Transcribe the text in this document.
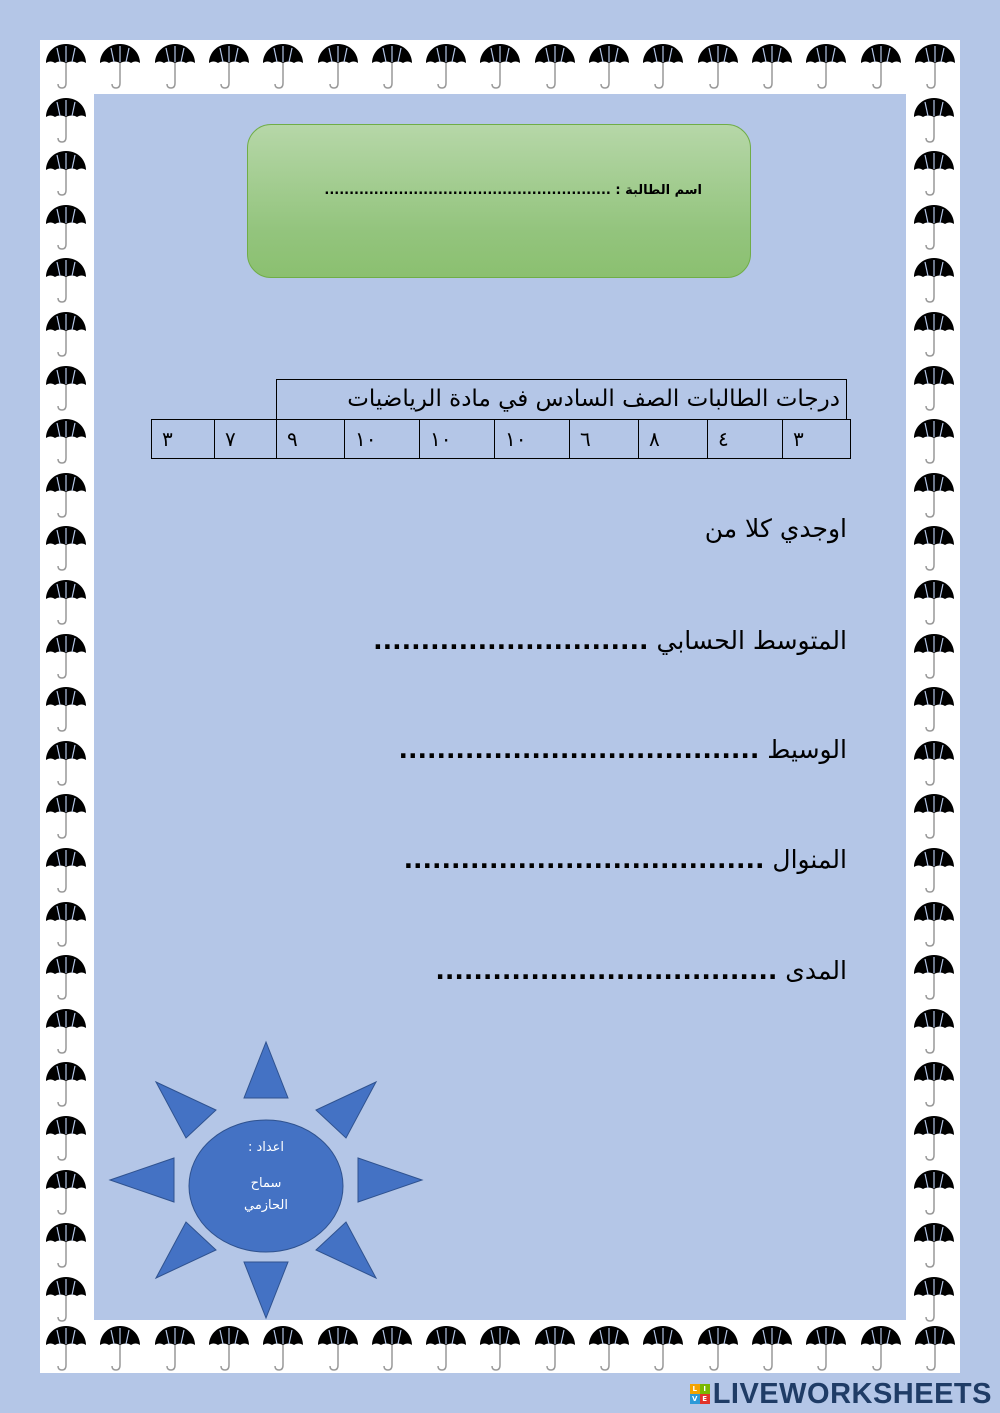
اسم الطالبة : ..........................................................
درجات الطالبات الصف السادس في مادة الرياضيات
٣
٤
٨
٦
١٠
١٠
١٠
٩
٧
٣
اوجدي كلا من
المتوسط الحسابي .............................
الوسيط ......................................
المنوال ......................................
المدى ....................................
اعداد :
سماح
الحازمي
L I
V E LIVEWORKSHEETS
